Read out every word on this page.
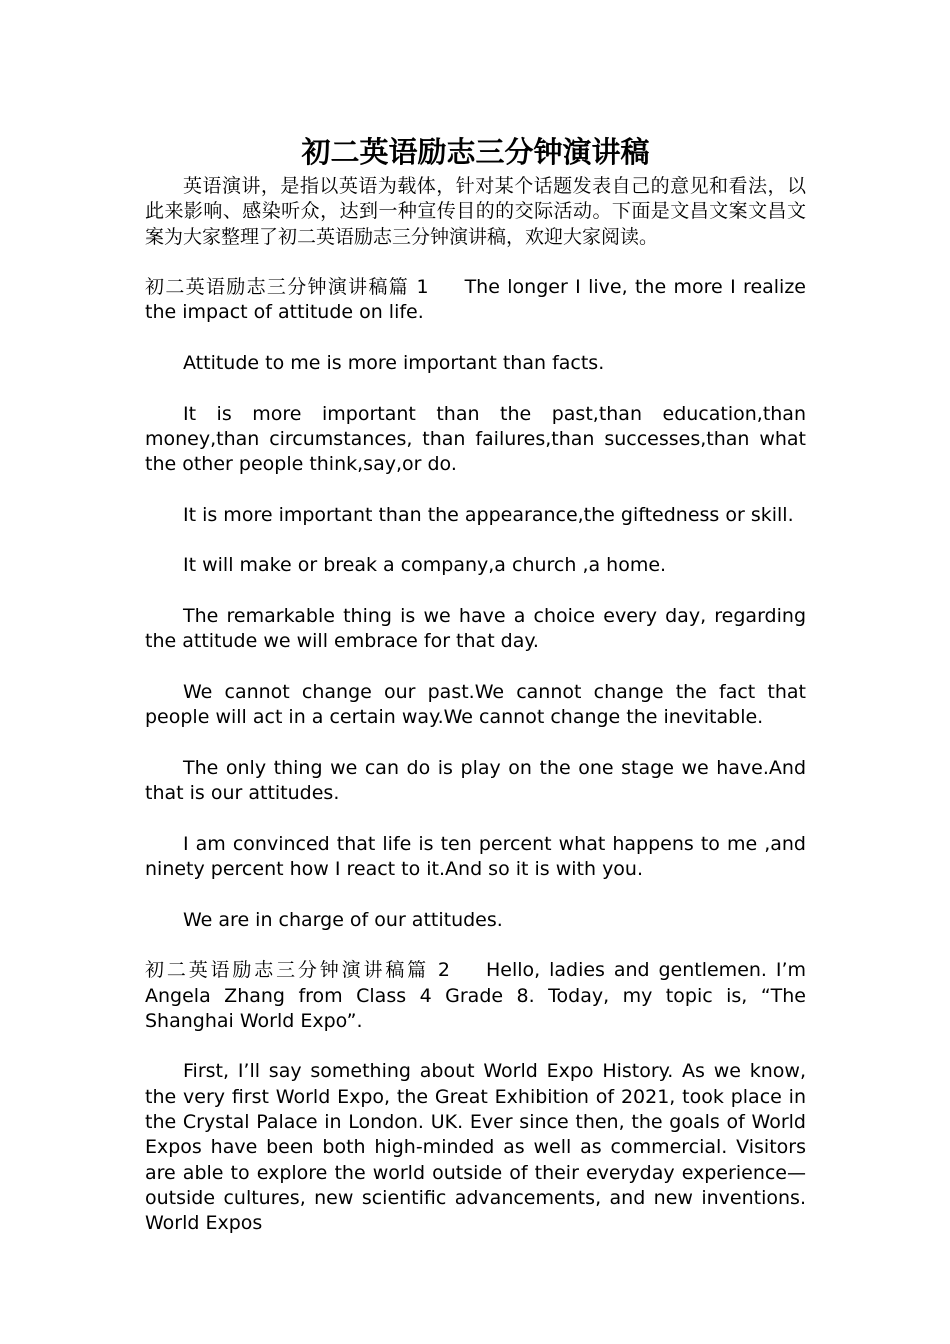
初二英语励志三分钟演讲稿

英语演讲，是指以英语为载体，针对某个话题发表自己的意见和看法，以此来影响、感染听众，达到一种宣传目的的交际活动。下面是文昌文案文昌文案为大家整理了初二英语励志三分钟演讲稿，欢迎大家阅读。

初二英语励志三分钟演讲稿篇 1 The longer I live, the more I realize the impact of attitude on life.

Attitude to me is more important than facts.

It is more important than the past,than education,than money,than circumstances, than failures,than successes,than what the other people think,say,or do.

It is more important than the appearance,the giftedness or skill.

It will make or break a company,a church ,a home.

The remarkable thing is we have a choice every day, regarding the attitude we will embrace for that day.

We cannot change our past.We cannot change the fact that people will act in a certain way.We cannot change the inevitable.

The only thing we can do is play on the one stage we have.And that is our attitudes.

I am convinced that life is ten percent what happens to me ,and ninety percent how I react to it.And so it is with you.

We are in charge of our attitudes.

初二英语励志三分钟演讲稿篇 2 Hello, ladies and gentlemen. I’m Angela Zhang from Class 4 Grade 8. Today, my topic is, “The Shanghai World Expo”.

First, I’ll say something about World Expo History. As we know, the very first World Expo, the Great Exhibition of 2021, took place in the Crystal Palace in London. UK. Ever since then, the goals of World Expos have been both high-minded as well as commercial. Visitors are able to explore the world outside of their everyday experience—outside cultures, new scientific advancements, and new inventions. World Expos
